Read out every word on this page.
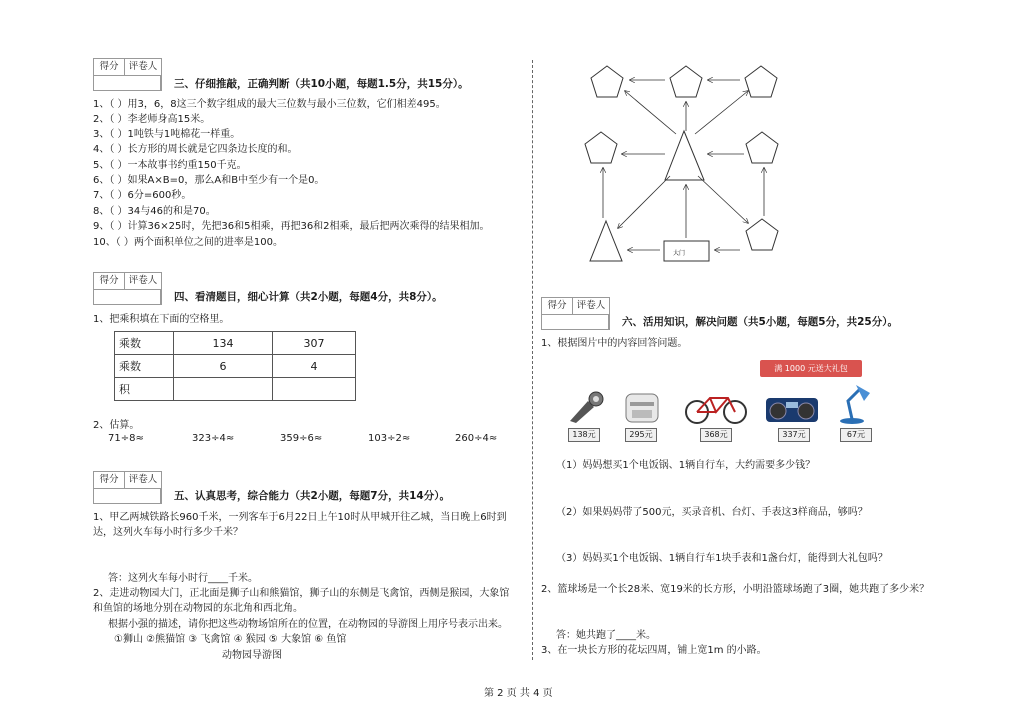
得分	评卷人
三、仔细推敲，正确判断（共10小题，每题1.5分，共15分）。
1、（ ）用3，6，8这三个数字组成的最大三位数与最小三位数，它们相差495。
2、（ ）李老师身高15米。
3、（ ）1吨铁与1吨棉花一样重。
4、（ ）长方形的周长就是它四条边长度的和。
5、（ ）一本故事书约重150千克。
6、（ ）如果A×B=0，那么A和B中至少有一个是0。
7、（ ）6分=600秒。
8、（ ）34与46的和是70。
9、（ ）计算36×25时，先把36和5相乘，再把36和2相乘，最后把两次乘得的结果相加。
10、（ ）两个面积单位之间的进率是100。
得分	评卷人
四、看清题目，细心计算（共2小题，每题4分，共8分）。
1、把乘积填在下面的空格里。
乘数	134	307
乘数	6	4
积		
2、估算。
71÷8≈	323÷4≈	359÷6≈	103÷2≈	260÷4≈
得分	评卷人
五、认真思考，综合能力（共2小题，每题7分，共14分）。
1、甲乙两城铁路长960千米，一列客车于6月22日上午10时从甲城开往乙城，当日晚上6时到
达，这列火车每小时行多少千米？
答：这列火车每小时行____千米。
2、走进动物园大门，正北面是狮子山和熊猫馆，狮子山的东侧是飞禽馆，西侧是猴园，大象馆
和鱼馆的场地分别在动物园的东北角和西北角。
根据小强的描述，请你把这些动物场馆所在的位置，在动物园的导游图上用序号表示出来。
①狮山 ②熊猫馆 ③ 飞禽馆 ④ 猴园 ⑤ 大象馆 ⑥ 鱼馆
动物园导游图
大门
得分	评卷人
六、活用知识，解决问题（共5小题，每题5分，共25分）。
1、根据图片中的内容回答问题。
满 1000 元送大礼包
138元	295元	368元	337元	67元
（1）妈妈想买1个电饭锅、1辆自行车，大约需要多少钱？
（2）如果妈妈带了500元，买录音机、台灯、手表这3样商品，够吗？
（3）妈妈买1个电饭锅、1辆自行车1块手表和1盏台灯，能得到大礼包吗？
2、篮球场是一个长28米、宽19米的长方形，小明沿篮球场跑了3圈，她共跑了多少米？
答：她共跑了____米。
3、在一块长方形的花坛四周，铺上宽1m 的小路。
第 2 页 共 4 页
